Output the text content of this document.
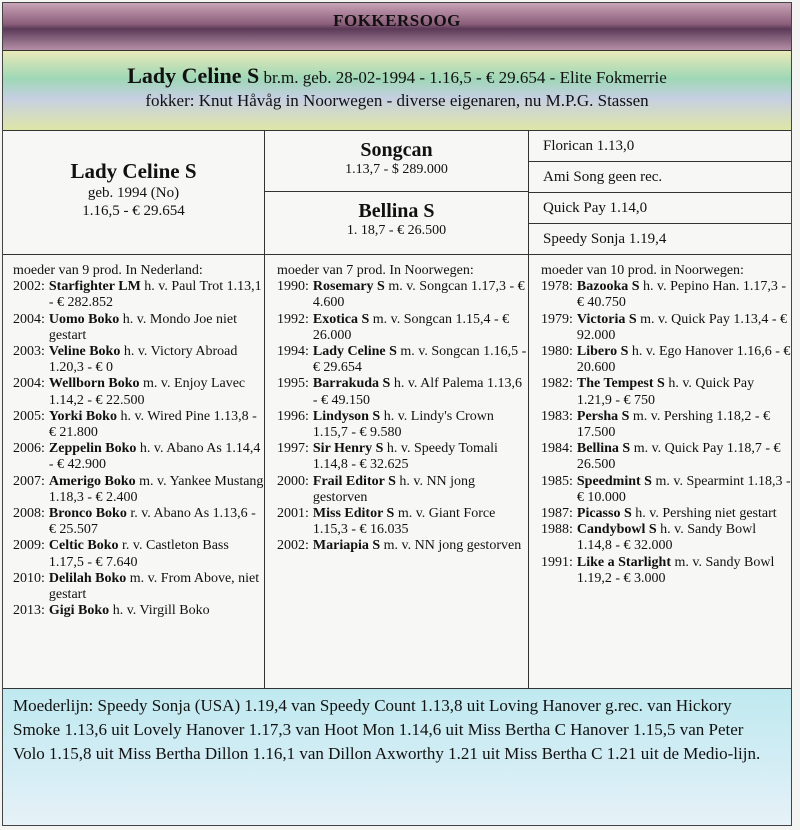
FOKKERSOOG
Lady Celine S br.m. geb. 28-02-1994 - 1.16,5 - € 29.654 - Elite Fokmerrie
fokker: Knut Håvåg in Noorwegen - diverse eigenaren, nu M.P.G. Stassen
Lady Celine S
geb. 1994 (No)
1.16,5 - € 29.654
Songcan
1.13,7 - $ 289.000
Bellina S
1. 18,7 - € 26.500
Florican 1.13,0
Ami Song geen rec.
Quick Pay 1.14,0
Speedy Sonja 1.19,4
moeder van 9 prod. In Nederland:
2002: Starfighter LM h. v. Paul Trot 1.13,1 - € 282.852
2004: Uomo Boko h. v. Mondo Joe niet gestart
2003: Veline Boko h. v. Victory Abroad 1.20,3 - € 0
2004: Wellborn Boko m. v. Enjoy Lavec 1.14,2 - € 22.500
2005: Yorki Boko h. v. Wired Pine 1.13,8 - € 21.800
2006: Zeppelin Boko h. v. Abano As 1.14,4 - € 42.900
2007: Amerigo Boko m. v. Yankee Mustang 1.18,3 - € 2.400
2008: Bronco Boko r. v. Abano As 1.13,6 - € 25.507
2009: Celtic Boko r. v. Castleton Bass 1.17,5 - € 7.640
2010: Delilah Boko m. v. From Above, niet gestart
2013: Gigi Boko h. v. Virgill Boko
moeder van 7 prod. In Noorwegen:
1990: Rosemary S m. v. Songcan 1.17,3 - € 4.600
1992: Exotica S m. v. Songcan 1.15,4 - € 26.000
1994: Lady Celine S m. v. Songcan 1.16,5 - € 29.654
1995: Barrakuda S h. v. Alf Palema 1.13,6 - € 49.150
1996: Lindyson S h. v. Lindy's Crown 1.15,7 - € 9.580
1997: Sir Henry S h. v. Speedy Tomali 1.14,8 - € 32.625
2000: Frail Editor S h. v. NN jong gestorven
2001: Miss Editor S m. v. Giant Force 1.15,3 - € 16.035
2002: Mariapia S m. v. NN jong gestorven
moeder van 10 prod. in Noorwegen:
1978: Bazooka S h. v. Pepino Han. 1.17,3 - € 40.750
1979: Victoria S m. v. Quick Pay 1.13,4 - € 92.000
1980: Libero S h. v. Ego Hanover 1.16,6 - € 20.600
1982: The Tempest S h. v. Quick Pay 1.21,9 - € 750
1983: Persha S m. v. Pershing 1.18,2 - € 17.500
1984: Bellina S m. v. Quick Pay 1.18,7 - € 26.500
1985: Speedmint S m. v. Spearmint 1.18,3 - € 10.000
1987: Picasso S h. v. Pershing niet gestart
1988: Candybowl S h. v. Sandy Bowl 1.14,8 - € 32.000
1991: Like a Starlight m. v. Sandy Bowl 1.19,2 - € 3.000
Moederlijn: Speedy Sonja (USA) 1.19,4 van Speedy Count 1.13,8 uit Loving Hanover g.rec. van Hickory Smoke 1.13,6 uit Lovely Hanover 1.17,3 van Hoot Mon 1.14,6 uit Miss Bertha C Hanover 1.15,5 van Peter Volo 1.15,8 uit Miss Bertha Dillon 1.16,1 van Dillon Axworthy 1.21 uit Miss Bertha C 1.21 uit de Medio-lijn.
